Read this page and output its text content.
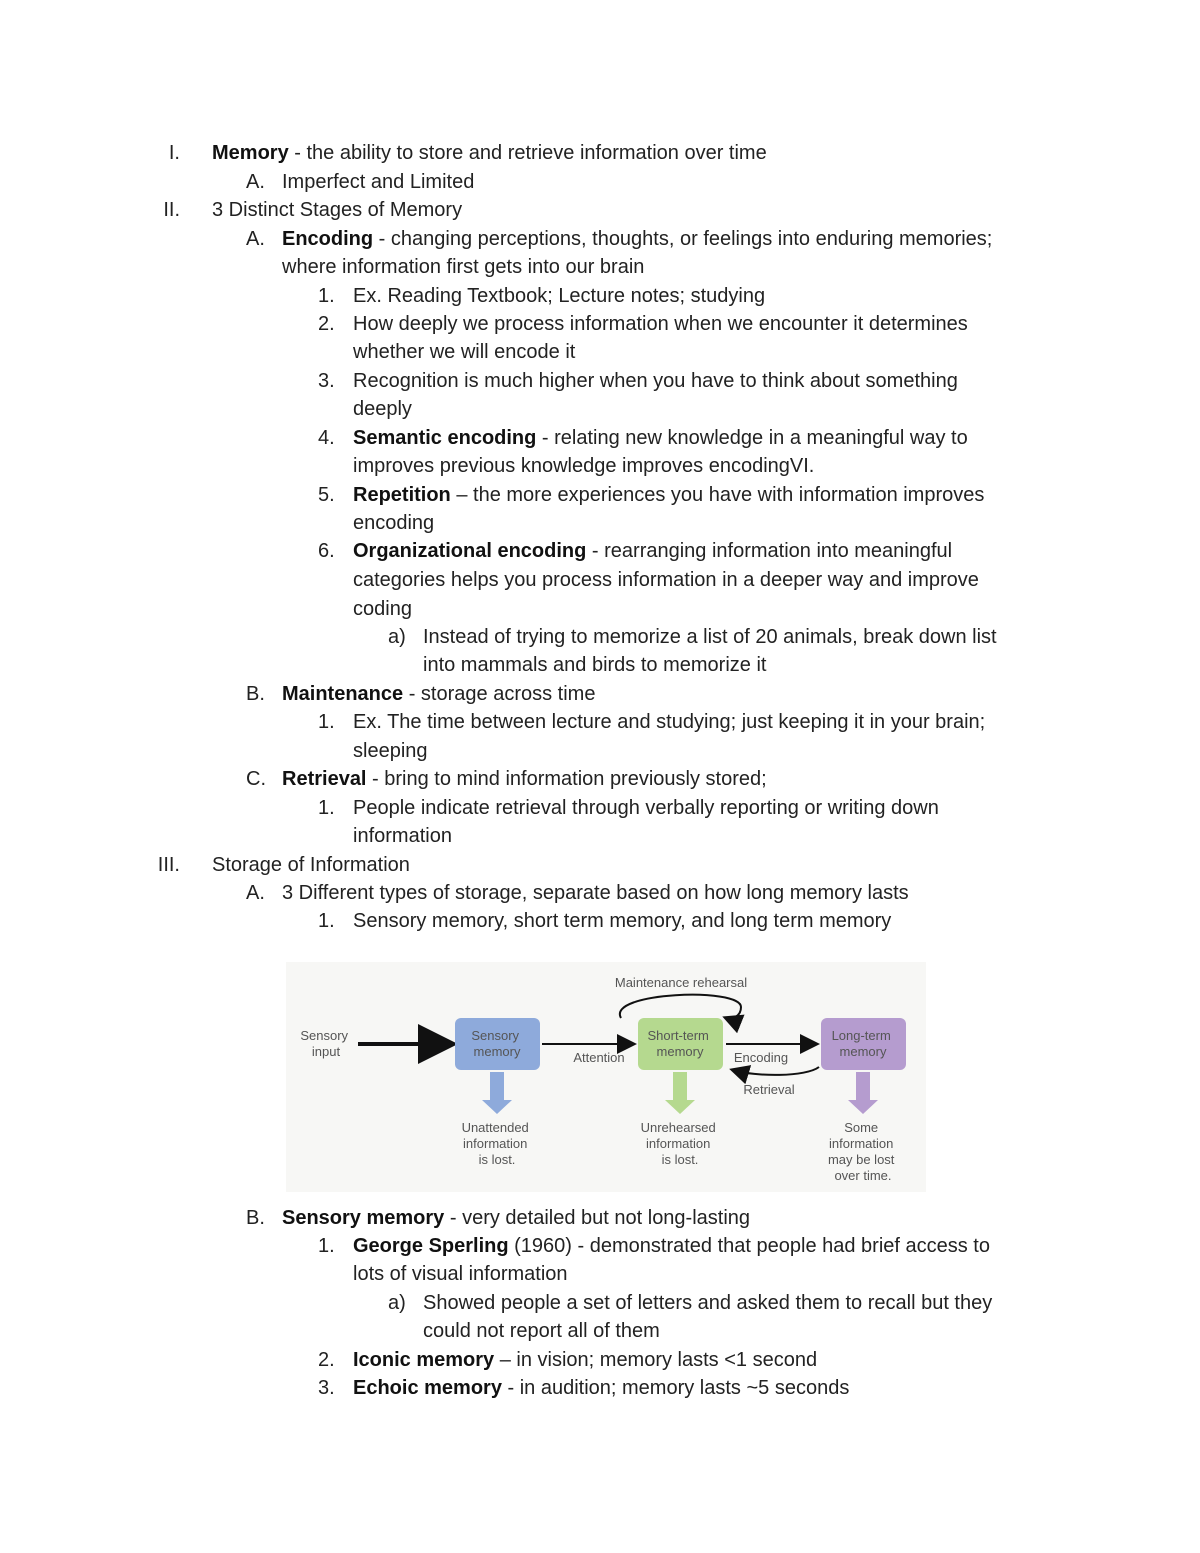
I. Memory - the ability to store and retrieve information over time
A. Imperfect and Limited
II. 3 Distinct Stages of Memory
A. Encoding - changing perceptions, thoughts, or feelings into enduring memories;
where information first gets into our brain
1. Ex. Reading Textbook; Lecture notes; studying
2. How deeply we process information when we encounter it determines
whether we will encode it
3. Recognition is much higher when you have to think about something
deeply
4. Semantic encoding - relating new knowledge in a meaningful way to
improves previous knowledge improves encodingVI.
5. Repetition – the more experiences you have with information improves
encoding
6. Organizational encoding - rearranging information into meaningful
categories helps you process information in a deeper way and improve
coding
a) Instead of trying to memorize a list of 20 animals, break down list
into mammals and birds to memorize it
B. Maintenance - storage across time
1. Ex. The time between lecture and studying; just keeping it in your brain;
sleeping
C. Retrieval - bring to mind information previously stored;
1. People indicate retrieval through verbally reporting or writing down
information
III. Storage of Information
A. 3 Different types of storage, separate based on how long memory lasts
1. Sensory memory, short term memory, and long term memory
Maintenance rehearsal
Sensory input
Sensory memory	Attention
Short-term memory	Encoding
Retrieval
Long-term memory
Unattended information is lost.
Unrehearsed information is lost.
Some information may be lost over time.
B. Sensory memory - very detailed but not long-lasting
1. George Sperling (1960) - demonstrated that people had brief access to
lots of visual information
a) Showed people a set of letters and asked them to recall but they
could not report all of them
2. Iconic memory – in vision; memory lasts <1 second
3. Echoic memory - in audition; memory lasts ~5 seconds
